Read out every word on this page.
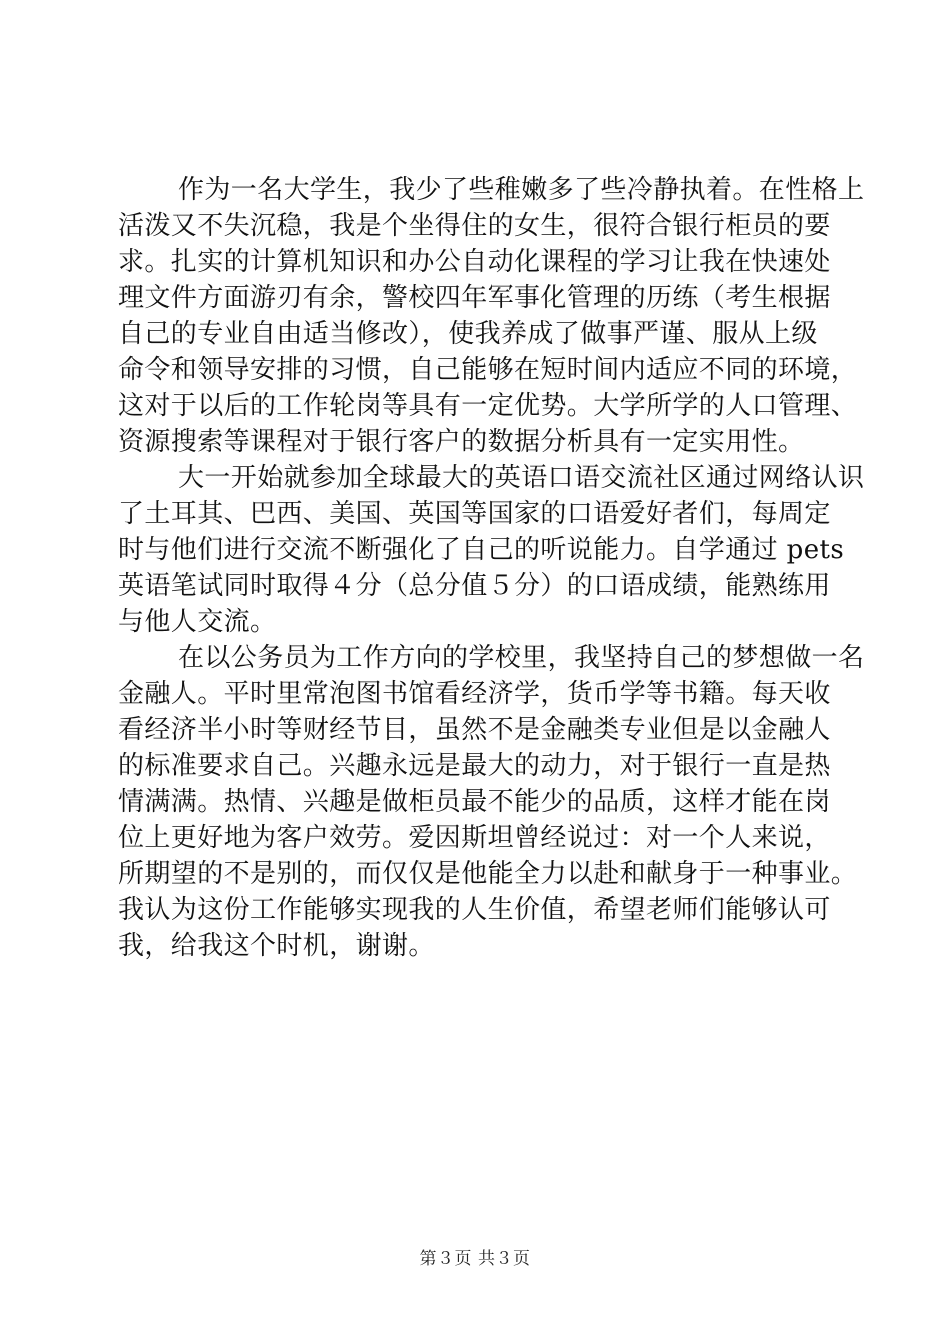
作为一名大学生，我少了些稚嫩多了些冷静执着。在性格上
活泼又不失沉稳，我是个坐得住的女生，很符合银行柜员的要
求。扎实的计算机知识和办公自动化课程的学习让我在快速处
理文件方面游刃有余，警校四年军事化管理的历练（考生根据
自己的专业自由适当修改），使我养成了做事严谨、服从上级
命令和领导安排的习惯，自己能够在短时间内适应不同的环境，
这对于以后的工作轮岗等具有一定优势。大学所学的人口管理、
资源搜索等课程对于银行客户的数据分析具有一定实用性。
大一开始就参加全球最大的英语口语交流社区通过网络认识
了土耳其、巴西、美国、英国等国家的口语爱好者们，每周定
时与他们进行交流不断强化了自己的听说能力。自学通过 pets
英语笔试同时取得４分（总分值５分）的口语成绩，能熟练用
与他人交流。
在以公务员为工作方向的学校里，我坚持自己的梦想做一名
金融人。平时里常泡图书馆看经济学，货币学等书籍。每天收
看经济半小时等财经节目，虽然不是金融类专业但是以金融人
的标准要求自己。兴趣永远是最大的动力，对于银行一直是热
情满满。热情、兴趣是做柜员最不能少的品质，这样才能在岗
位上更好地为客户效劳。爱因斯坦曾经说过：对一个人来说，
所期望的不是别的，而仅仅是他能全力以赴和献身于一种事业。
我认为这份工作能够实现我的人生价值，希望老师们能够认可
我，给我这个时机，谢谢。
第３页 共３页
